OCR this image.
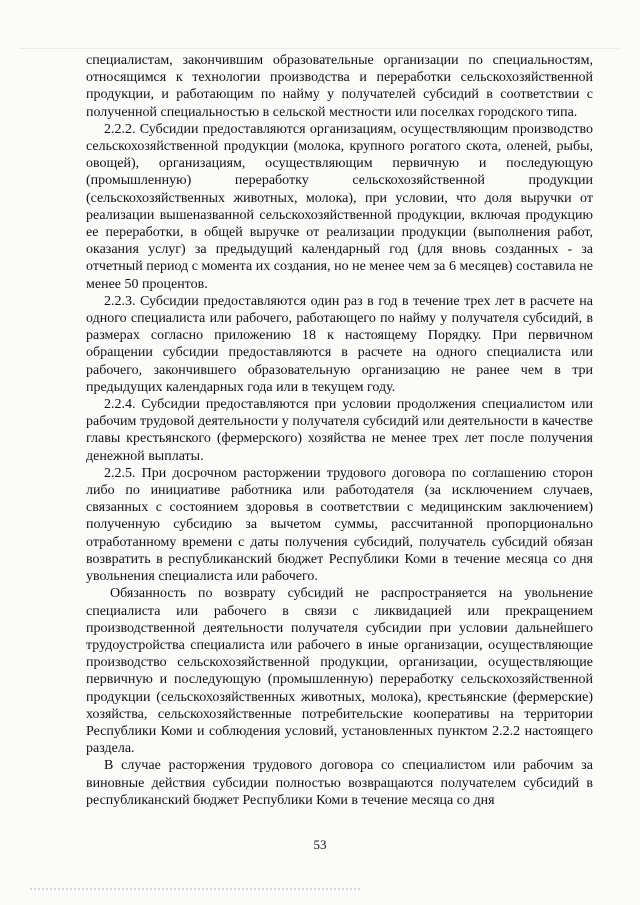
специалистам, закончившим образовательные организации по специальностям, относящимся к технологии производства и переработки сельскохозяйственной продукции, и работающим по найму у получателей субсидий в соответствии с полученной специальностью в сельской местности или поселках городского типа.

2.2.2. Субсидии предоставляются организациям, осуществляющим производство сельскохозяйственной продукции (молока, крупного рогатого скота, оленей, рыбы, овощей), организациям, осуществляющим первичную и последующую (промышленную) переработку сельскохозяйственной продукции (сельскохозяйственных животных, молока), при условии, что доля выручки от реализации вышеназванной сельскохозяйственной продукции, включая продукцию ее переработки, в общей выручке от реализации продукции (выполнения работ, оказания услуг) за предыдущий календарный год (для вновь созданных - за отчетный период с момента их создания, но не менее чем за 6 месяцев) составила не менее 50 процентов.

2.2.3. Субсидии предоставляются один раз в год в течение трех лет в расчете на одного специалиста или рабочего, работающего по найму у получателя субсидий, в размерах согласно приложению 18 к настоящему Порядку. При первичном обращении субсидии предоставляются в расчете на одного специалиста или рабочего, закончившего образовательную организацию не ранее чем в три предыдущих календарных года или в текущем году.

2.2.4. Субсидии предоставляются при условии продолжения специалистом или рабочим трудовой деятельности у получателя субсидий или деятельности в качестве главы крестьянского (фермерского) хозяйства не менее трех лет после получения денежной выплаты.

2.2.5. При досрочном расторжении трудового договора по соглашению сторон либо по инициативе работника или работодателя (за исключением случаев, связанных с состоянием здоровья в соответствии с медицинским заключением) полученную субсидию за вычетом суммы, рассчитанной пропорционально отработанному времени с даты получения субсидий, получатель субсидий обязан возвратить в республиканский бюджет Республики Коми в течение месяца со дня увольнения специалиста или рабочего.

Обязанность по возврату субсидий не распространяется на увольнение специалиста или рабочего в связи с ликвидацией или прекращением производственной деятельности получателя субсидии при условии дальнейшего трудоустройства специалиста или рабочего в иные организации, осуществляющие производство сельскохозяйственной продукции, организации, осуществляющие первичную и последующую (промышленную) переработку сельскохозяйственной продукции (сельскохозяйственных животных, молока), крестьянские (фермерские) хозяйства, сельскохозяйственные потребительские кооперативы на территории Республики Коми и соблюдения условий, установленных пунктом 2.2.2 настоящего раздела.

В случае расторжения трудового договора со специалистом или рабочим за виновные действия субсидии полностью возвращаются получателем субсидий в республиканский бюджет Республики Коми в течение месяца со дня

53
